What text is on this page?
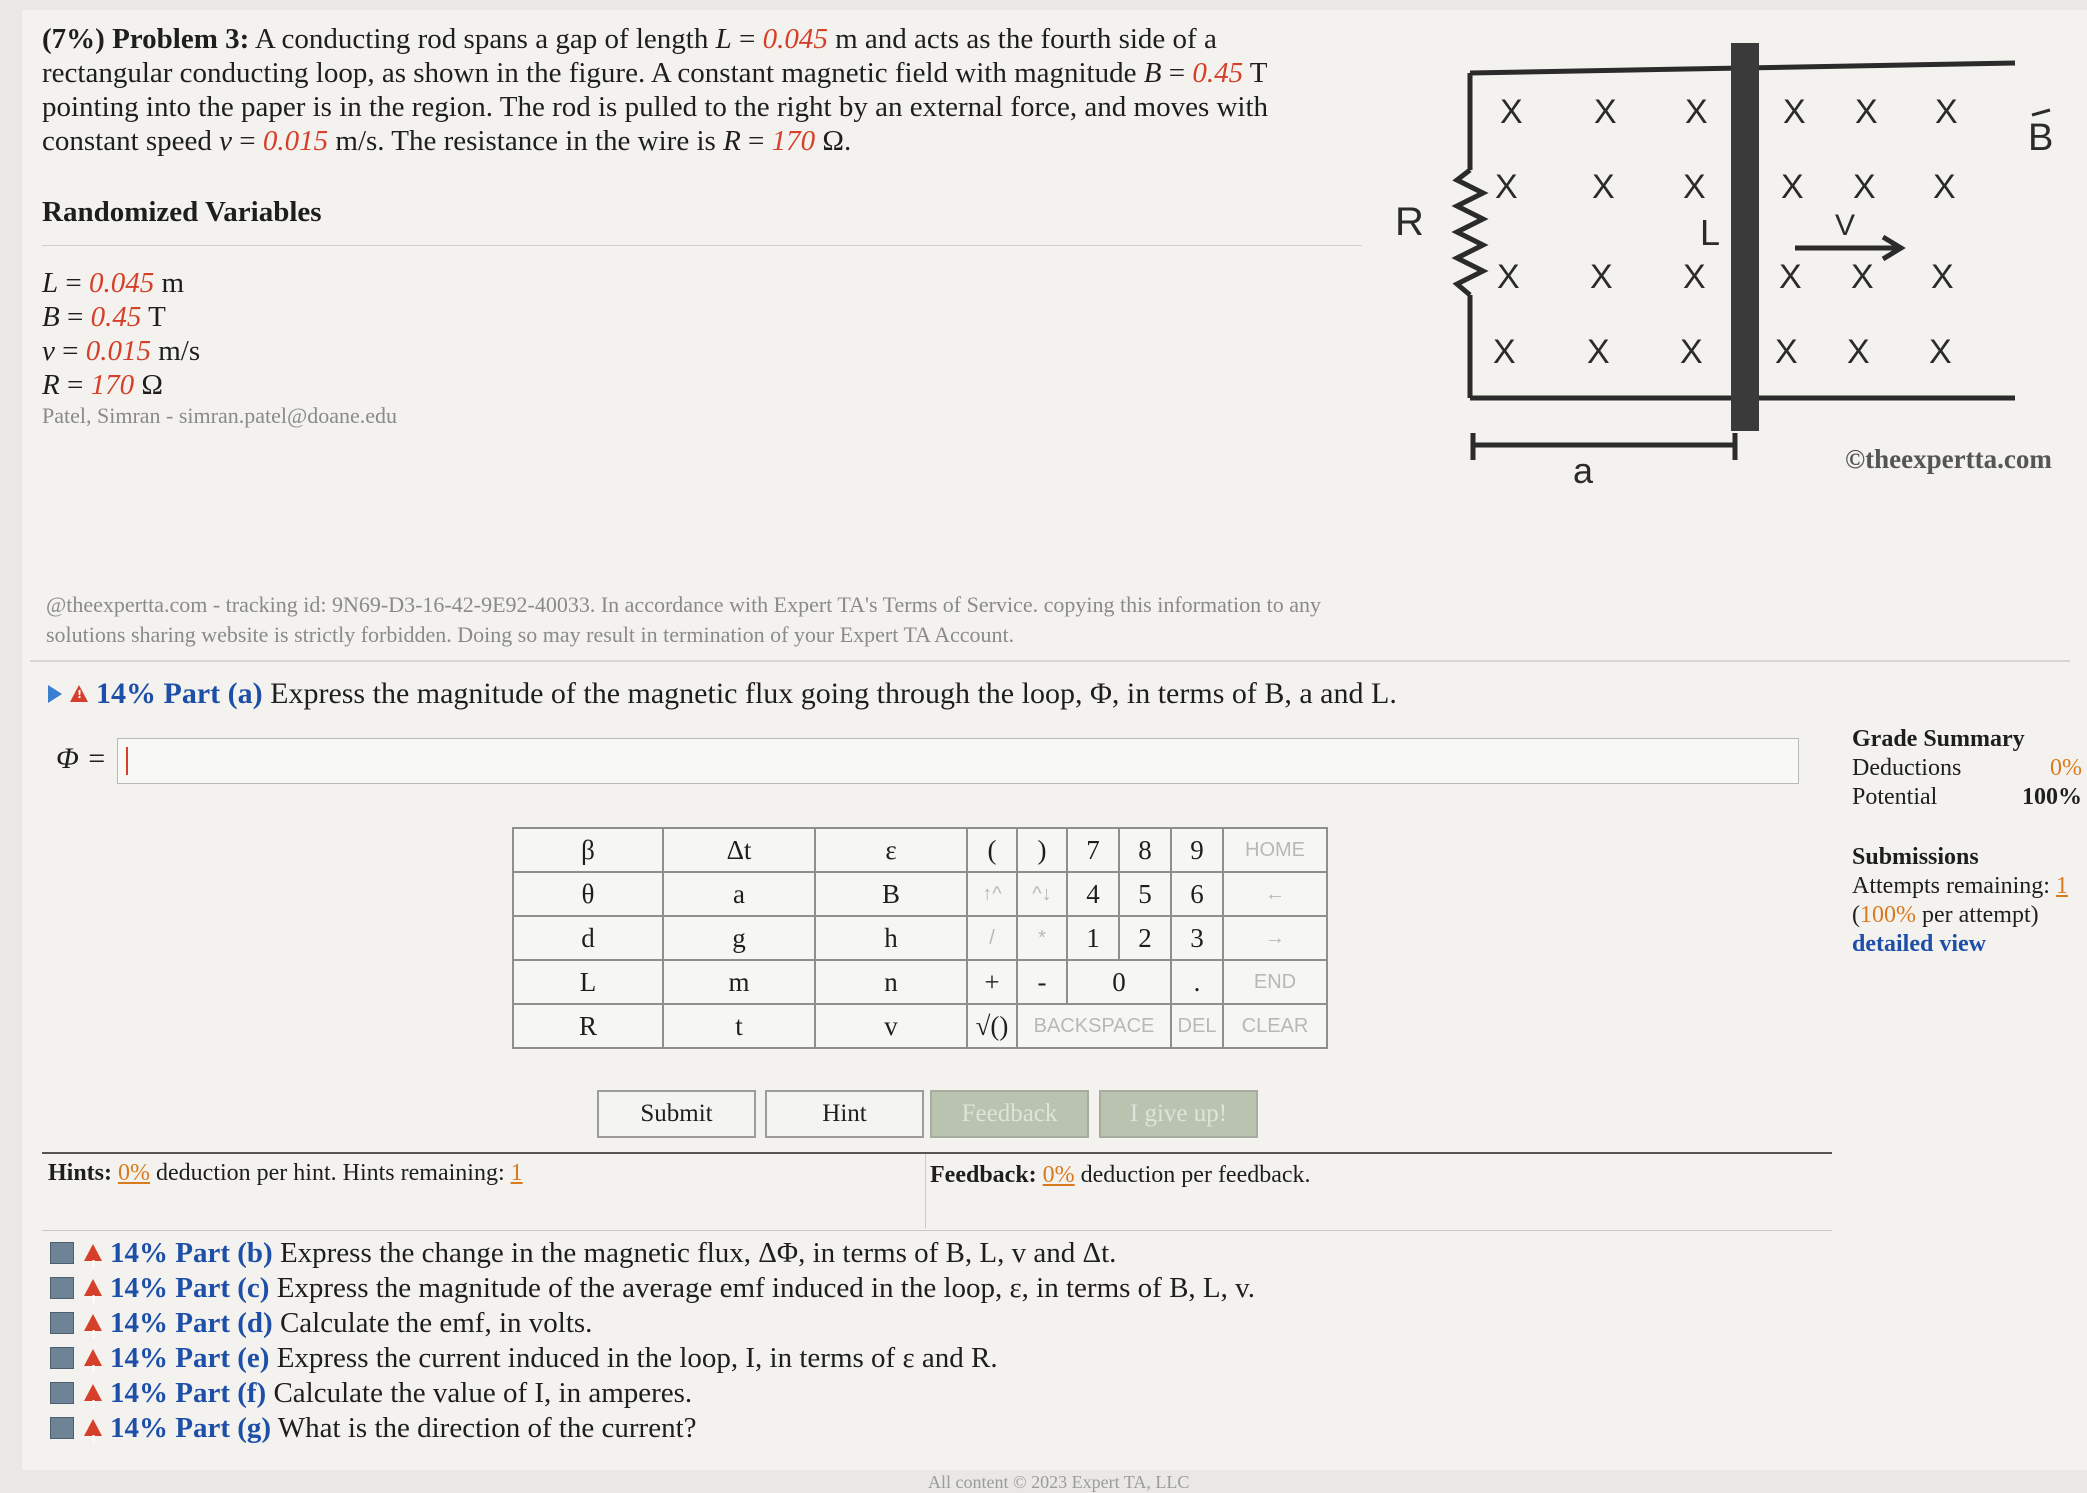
(7%) Problem 3: A conducting rod spans a gap of length L = 0.045 m and acts as the fourth side of a rectangular conducting loop, as shown in the figure. A constant magnetic field with magnitude B = 0.45 T pointing into the paper is in the region. The rod is pulled to the right by an external force, and moves with constant speed v = 0.015 m/s. The resistance in the wire is R = 170 Ω.
Randomized Variables
L = 0.045 m
B = 0.45 T
v = 0.015 m/s
R = 170 Ω
Patel, Simran - simran.patel@doane.edu
X X X X X X
X X X X X X
X X X X X X
X X X X X X
R	L	V
a
B
©theexpertta.com
@theexpertta.com - tracking id: 9N69-D3-16-42-9E92-40033. In accordance with Expert TA's Terms of Service. copying this information to any solutions sharing website is strictly forbidden. Doing so may result in termination of your Expert TA Account.
!14% Part (a) Express the magnitude of the magnetic flux going through the loop, Φ, in terms of B, a and L.
Φ =
β	Δt	ε	(	)	7	8	9	HOME
θ	a	B	↑^	^↓	4	5	6	←
d	g	h	/	*	1	2	3	→
L	m	n	+	-	0		.	END
R	t	v	√()	BACKSPACE			DEL	CLEAR
Submit	Hint	Feedback	I give up!
Hints: 0% deduction per hint. Hints remaining: 1	Feedback: 0% deduction per feedback.
!14% Part (b) Express the change in the magnetic flux, ΔΦ, in terms of B, L, v and Δt.
!14% Part (c) Express the magnitude of the average emf induced in the loop, ε, in terms of B, L, v.
!14% Part (d) Calculate the emf, in volts.
!14% Part (e) Express the current induced in the loop, I, in terms of ε and R.
!14% Part (f) Calculate the value of I, in amperes.
!14% Part (g) What is the direction of the current?
All content © 2023 Expert TA, LLC
Grade Summary
Deductions	0%
Potential	100%
Submissions
Attempts remaining: 1
(100% per attempt)
detailed view
